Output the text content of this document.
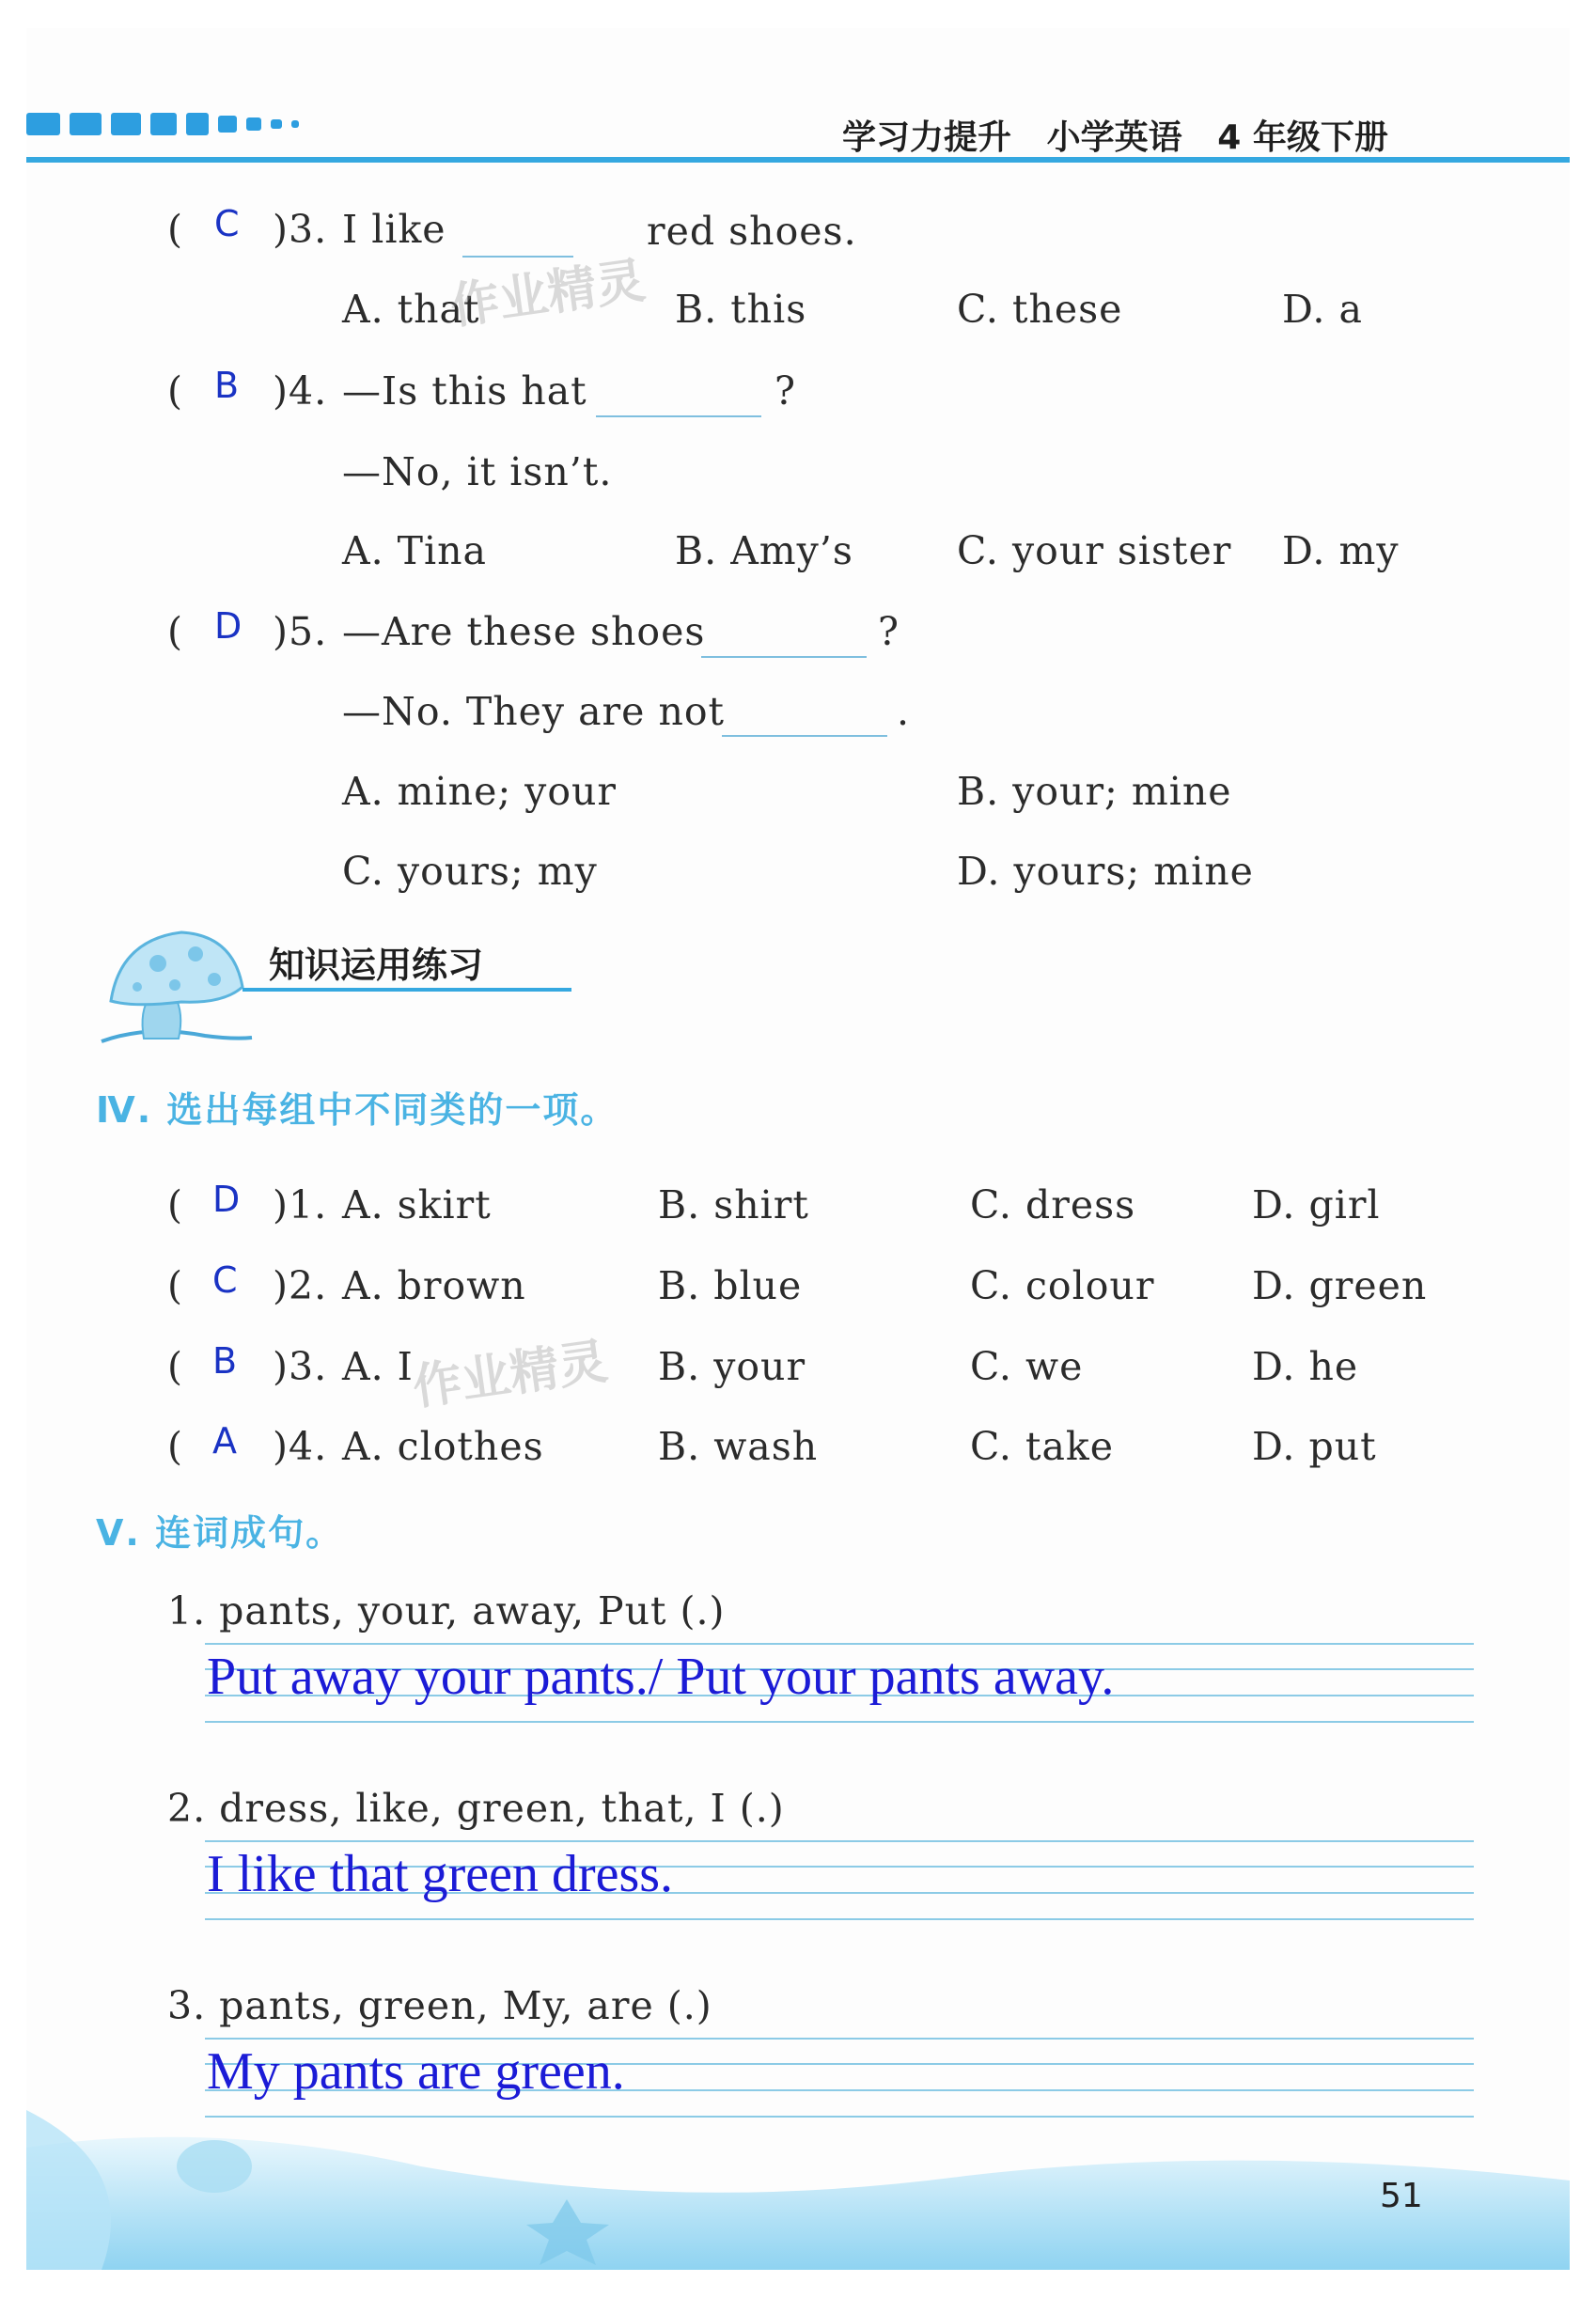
学习力提升 小学英语 4 年级下册
( C )3. I like	red shoes.
A. that	B. this	C. these	D. a
作业精灵
( B )4. —Is this hat	?
—No, it isn’t.
A. Tina	B. Amy’s	C. your sister D. my
( D )5. —Are these shoes	?
—No. They are not	.
A. mine; your	B. your; mine
C. yours; my	D. yours; mine
知识运用练习
Ⅳ. 选出每组中不同类的一项。
( D )1. A. skirt	B. shirt	C. dress	D. girl
( C )2. A. brown	B. blue	C. colour	D. green
( B )3. A. I	B. your	C. we	D. he
作业精灵
( A )4. A. clothes	B. wash	C. take	D. put
Ⅴ. 连词成句。
1. pants, your, away, Put (.)
Put away your pants./ Put your pants away.
2. dress, like, green, that, I (.)
I like that green dress.
3. pants, green, My, are (.)
My pants are green.
51
